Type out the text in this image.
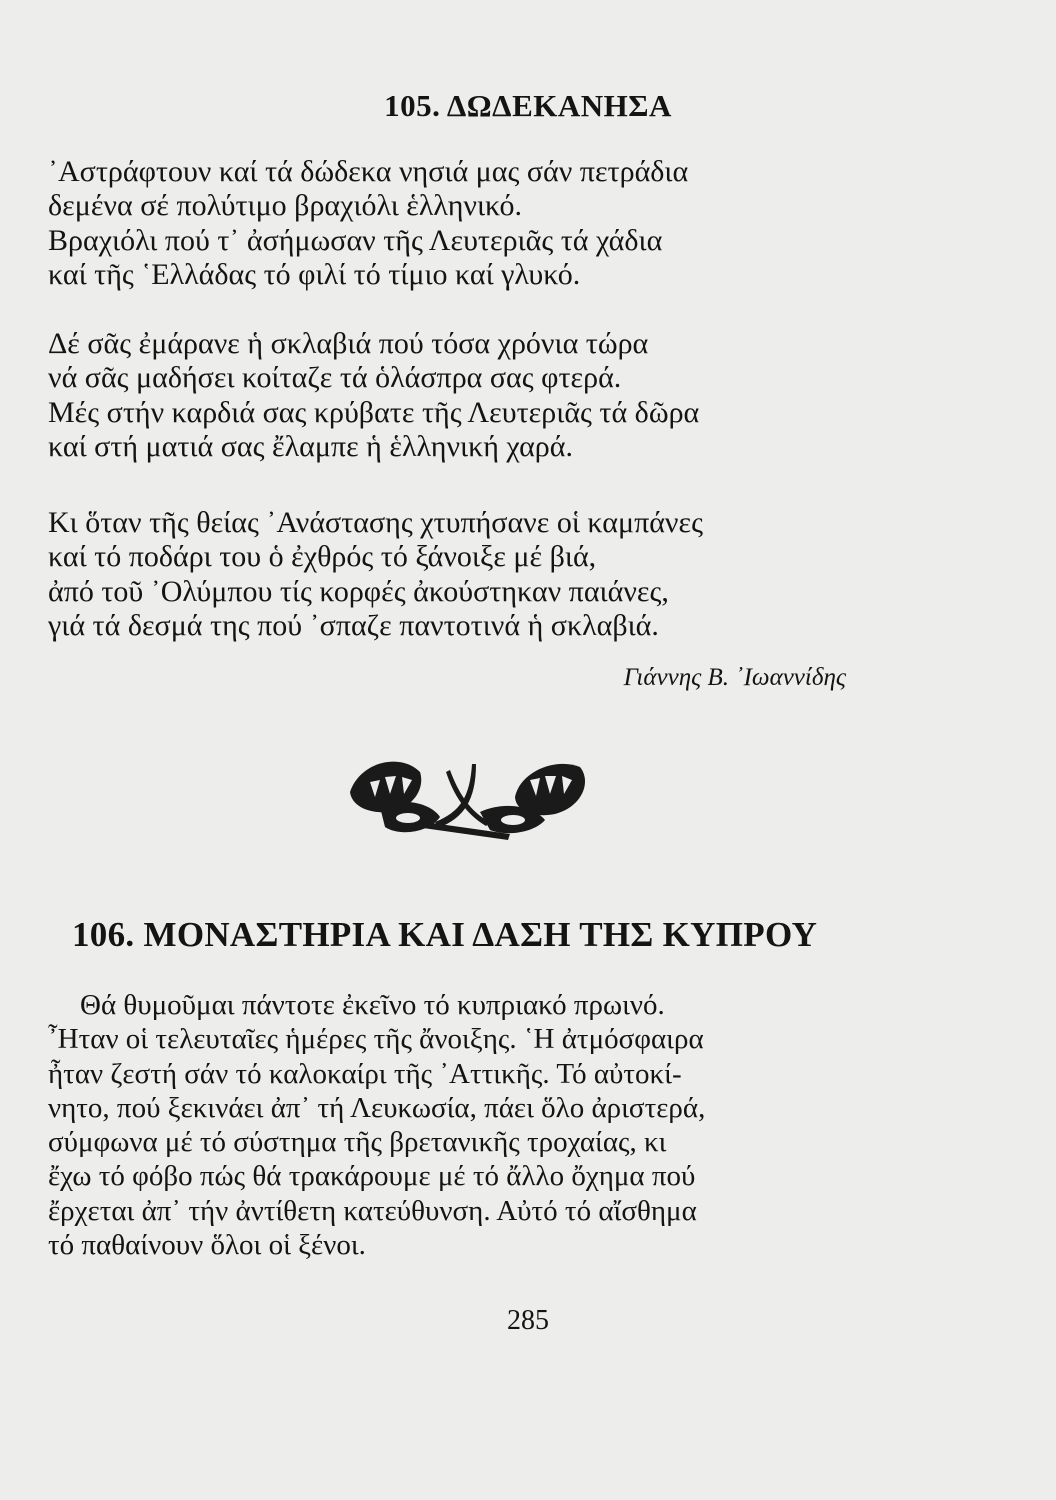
105. ΔΩΔΕΚΑΝΗΣΑ

᾿Αστράφτουν καί τά δώδεκα νησιά μας σάν πετράδια
δεμένα σέ πολύτιμο βραχιόλι ἑλληνικό.
Βραχιόλι πού τ᾿ ἀσήμωσαν τῆς Λευτεριᾶς τά χάδια
καί τῆς ῾Ελλάδας τό φιλί τό τίμιο καί γλυκό.

Δέ σᾶς ἐμάρανε ἡ σκλαβιά πού τόσα χρόνια τώρα
νά σᾶς μαδήσει κοίταζε τά ὁλάσπρα σας φτερά.
Μές στήν καρδιά σας κρύβατε τῆς Λευτεριᾶς τά δῶρα
καί στή ματιά σας ἔλαμπε ἡ ἑλληνική χαρά.

Κι ὅταν τῆς θείας ᾿Ανάστασης χτυπήσανε οἱ καμπάνες
καί τό ποδάρι του ὁ ἐχθρός τό ξάνοιξε μέ βιά,
ἀπό τοῦ ᾿Ολύμπου τίς κορφές ἀκούστηκαν παιάνες,
γιά τά δεσμά της πού ᾿σπαζε παντοτινά ἡ σκλαβιά.

Γιάννης Β. ᾿Ιωαννίδης

106. ΜΟΝΑΣΤΗΡΙΑ ΚΑΙ ΔΑΣΗ ΤΗΣ ΚΥΠΡΟΥ

Θά θυμοῦμαι πάντοτε ἐκεῖνο τό κυπριακό πρωινό.
῏Ηταν οἱ τελευταῖες ἡμέρες τῆς ἄνοιξης. ῾Η ἀτμόσφαιρα
ἦταν ζεστή σάν τό καλοκαίρι τῆς ᾿Αττικῆς. Τό αὐτοκί-
νητο, πού ξεκινάει ἀπ᾿ τή Λευκωσία, πάει ὅλο ἀριστερά,
σύμφωνα μέ τό σύστημα τῆς βρετανικῆς τροχαίας, κι
ἔχω τό φόβο πώς θά τρακάρουμε μέ τό ἄλλο ὄχημα πού
ἔρχεται ἀπ᾿ τήν ἀντίθετη κατεύθυνση. Αὐτό τό αἴσθημα
τό παθαίνουν ὅλοι οἱ ξένοι.

285
